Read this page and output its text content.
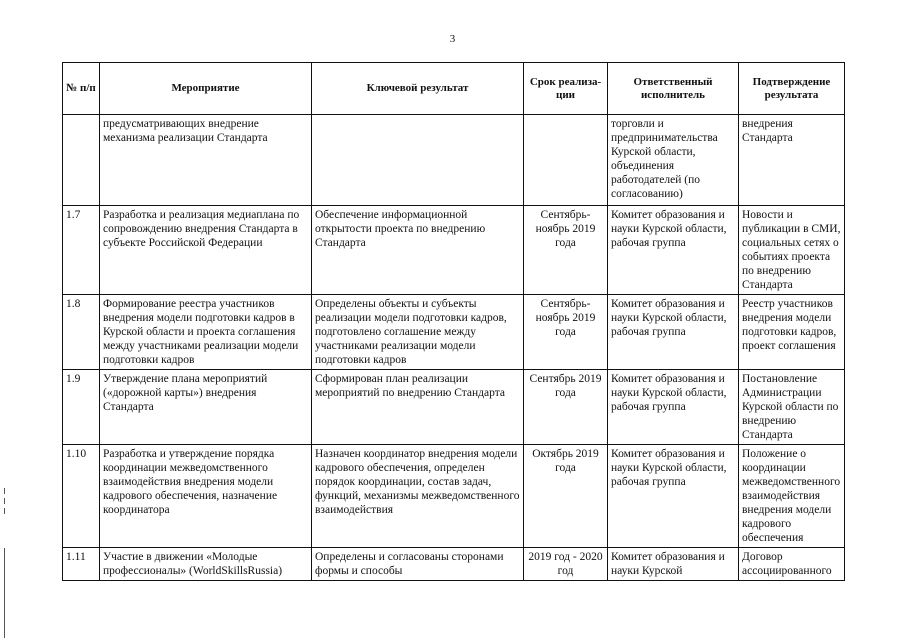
3
№ п/п	Мероприятие	Ключевой результат	Срок реализа-ции	Ответственный исполнитель	Подтверждение результата
	предусматривающих внедрение механизма реализации Стандарта			торговли и предпринимательства Курской области, объединения работодателей (по согласованию)	внедрения Стандарта
1.7	Разработка и реализация медиаплана по сопровождению внедрения Стандарта в субъекте Российской Федерации	Обеспечение информационной открытости проекта по внедрению Стандарта	Сентябрь-ноябрь 2019 года	Комитет образования и науки Курской области, рабочая группа	Новости и публикации в СМИ, социальных сетях о событиях проекта по внедрению Стандарта
1.8	Формирование реестра участников внедрения модели подготовки кадров в Курской области и проекта соглашения между участниками реализации модели подготовки кадров	Определены объекты и субъекты реализации модели подготовки кадров, подготовлено соглашение между участниками реализации модели подготовки кадров	Сентябрь-ноябрь 2019 года	Комитет образования и науки Курской области, рабочая группа	Реестр участников внедрения модели подготовки кадров, проект соглашения
1.9	Утверждение плана мероприятий («дорожной карты») внедрения Стандарта	Сформирован план реализации мероприятий по внедрению Стандарта	Сентябрь 2019 года	Комитет образования и науки Курской области, рабочая группа	Постановление Администрации Курской области по внедрению Стандарта
1.10	Разработка и утверждение порядка координации межведомственного взаимодействия внедрения модели кадрового обеспечения, назначение координатора	Назначен координатор внедрения модели кадрового обеспечения, определен порядок координации, состав задач, функций, механизмы межведомственного взаимодействия	Октябрь 2019 года	Комитет образования и науки Курской области, рабочая группа	Положение о координации межведомственного взаимодействия внедрения модели кадрового обеспечения
1.11	Участие в движении «Молодые профессионалы» (WorldSkillsRussia)	Определены и согласованы сторонами формы и способы	2019 год - 2020 год	Комитет образования и науки Курской	Договор ассоциированного
